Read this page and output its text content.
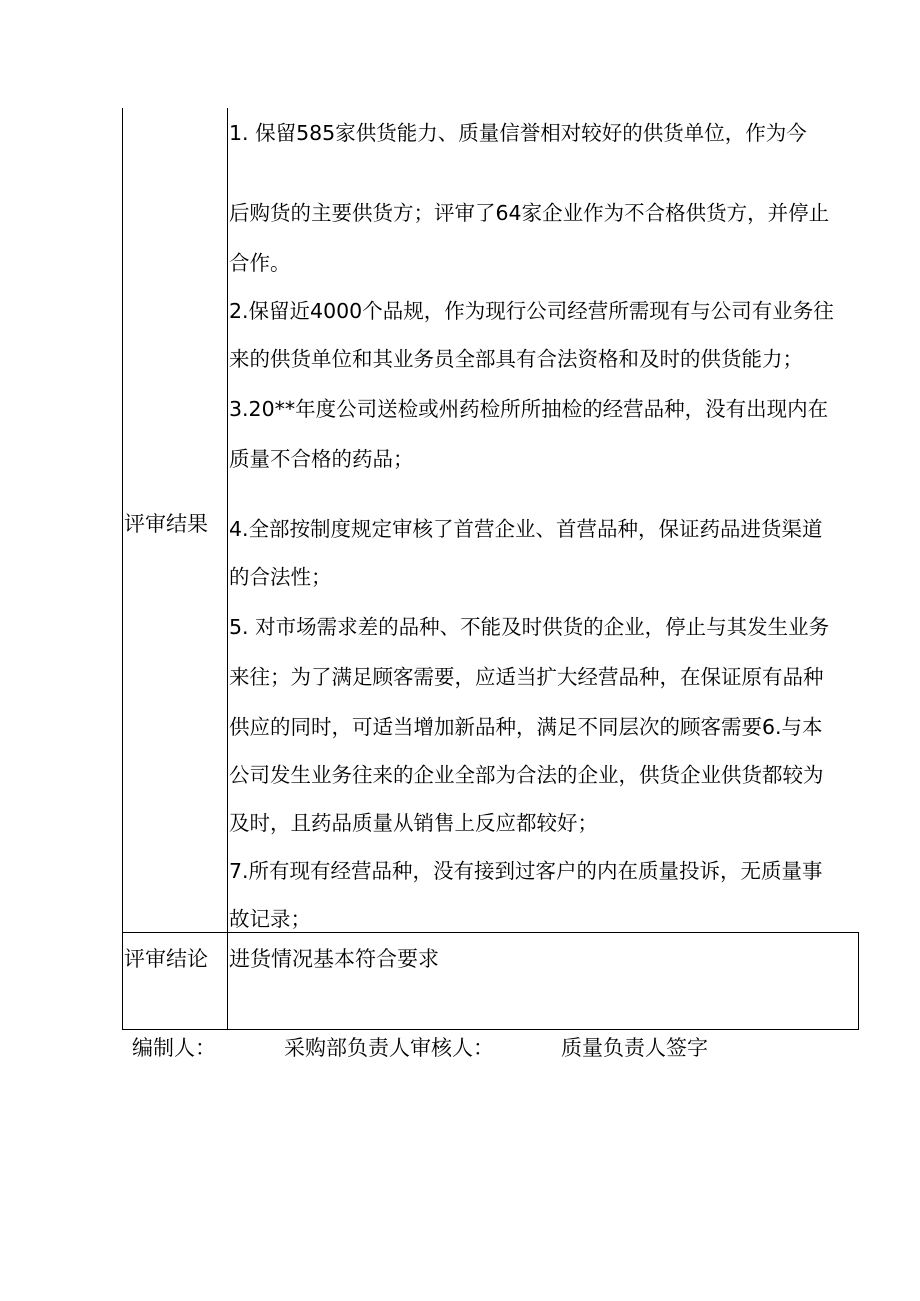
评审结果
1. 保留585家供货能力、质量信誉相对较好的供货单位，作为今
后购货的主要供货方；评审了64家企业作为不合格供货方，并停止
合作。
2.保留近4000个品规，作为现行公司经营所需现有与公司有业务往
来的供货单位和其业务员全部具有合法资格和及时的供货能力；
3.20**年度公司送检或州药检所所抽检的经营品种，没有出现内在
质量不合格的药品；
4.全部按制度规定审核了首营企业、首营品种，保证药品进货渠道
的合法性；
5. 对市场需求差的品种、不能及时供货的企业，停止与其发生业务
来往；为了满足顾客需要，应适当扩大经营品种，在保证原有品种
供应的同时，可适当增加新品种，满足不同层次的顾客需要6.与本
公司发生业务往来的企业全部为合法的企业，供货企业供货都较为
及时，且药品质量从销售上反应都较好；
7.所有现有经营品种，没有接到过客户的内在质量投诉，无质量事
故记录；
评审结论 进货情况基本符合要求
编制人：	采购部负责人审核人：	质量负责人签字
